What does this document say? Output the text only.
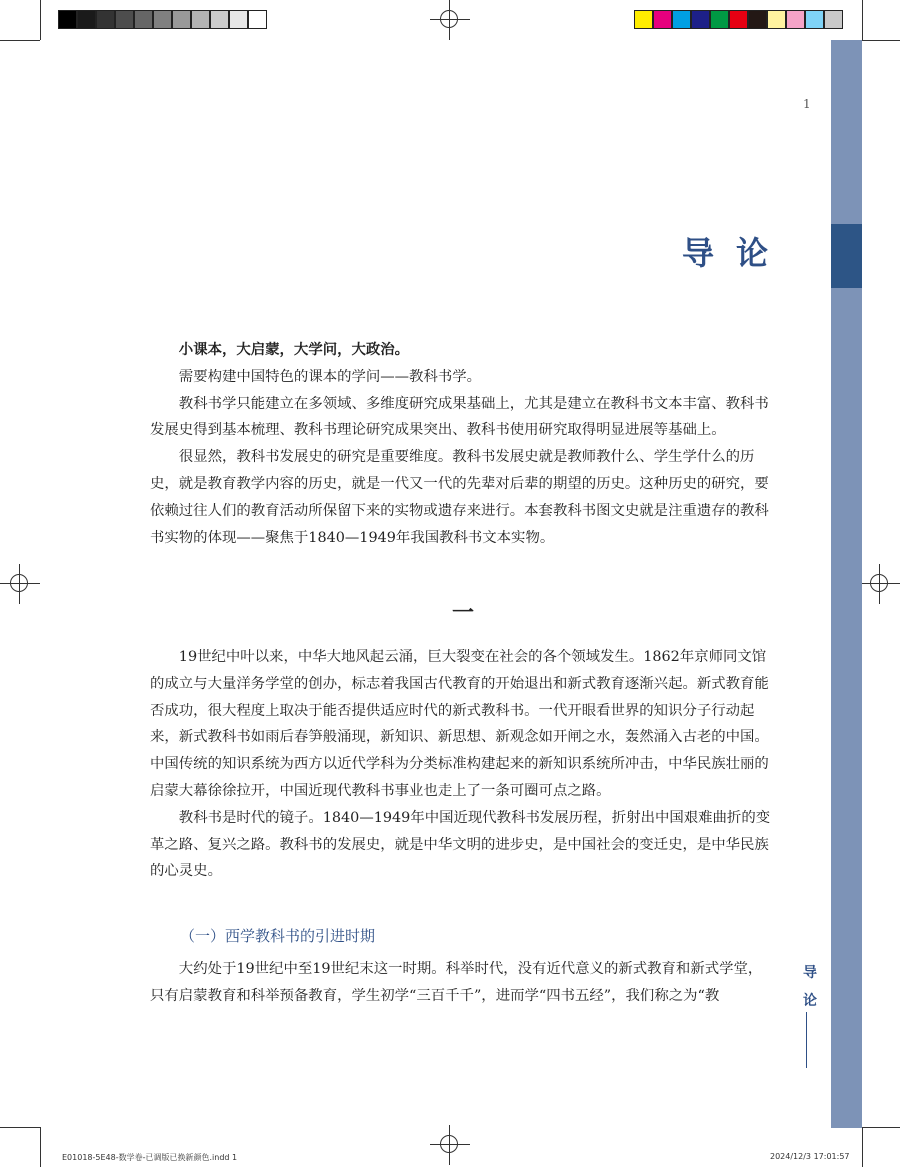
1
导论

小课本，大启蒙，大学问，大政治。

需要构建中国特色的课本的学问——教科书学。

教科书学只能建立在多领域、多维度研究成果基础上，尤其是建立在教科书文本丰富、教科书发展史得到基本梳理、教科书理论研究成果突出、教科书使用研究取得明显进展等基础上。

很显然，教科书发展史的研究是重要维度。教科书发展史就是教师教什么、学生学什么的历史，就是教育教学内容的历史，就是一代又一代的先辈对后辈的期望的历史。这种历史的研究，要依赖过往人们的教育活动所保留下来的实物或遗存来进行。本套教科书图文史就是注重遗存的教科书实物的体现——聚焦于1840—1949年我国教科书文本实物。

一

19世纪中叶以来，中华大地风起云涌，巨大裂变在社会的各个领域发生。1862年京师同文馆的成立与大量洋务学堂的创办，标志着我国古代教育的开始退出和新式教育逐渐兴起。新式教育能否成功，很大程度上取决于能否提供适应时代的新式教科书。一代开眼看世界的知识分子行动起来，新式教科书如雨后春笋般涌现，新知识、新思想、新观念如开闸之水，轰然涌入古老的中国。中国传统的知识系统为西方以近代学科为分类标准构建起来的新知识系统所冲击，中华民族壮丽的启蒙大幕徐徐拉开，中国近现代教科书事业也走上了一条可圈可点之路。

教科书是时代的镜子。1840—1949年中国近现代教科书发展历程，折射出中国艰难曲折的变革之路、复兴之路。教科书的发展史，就是中华文明的进步史，是中国社会的变迁史，是中华民族的心灵史。

（一）西学教科书的引进时期

大约处于19世纪中至19世纪末这一时期。科举时代，没有近代意义的新式教育和新式学堂，只有启蒙教育和科举预备教育，学生初学“三百千千”，进而学“四书五经”，我们称之为“教

导
论
E01018-5E48-数学卷-已调版已换新颜色.indd 1	2024/12/3 17:01:57
